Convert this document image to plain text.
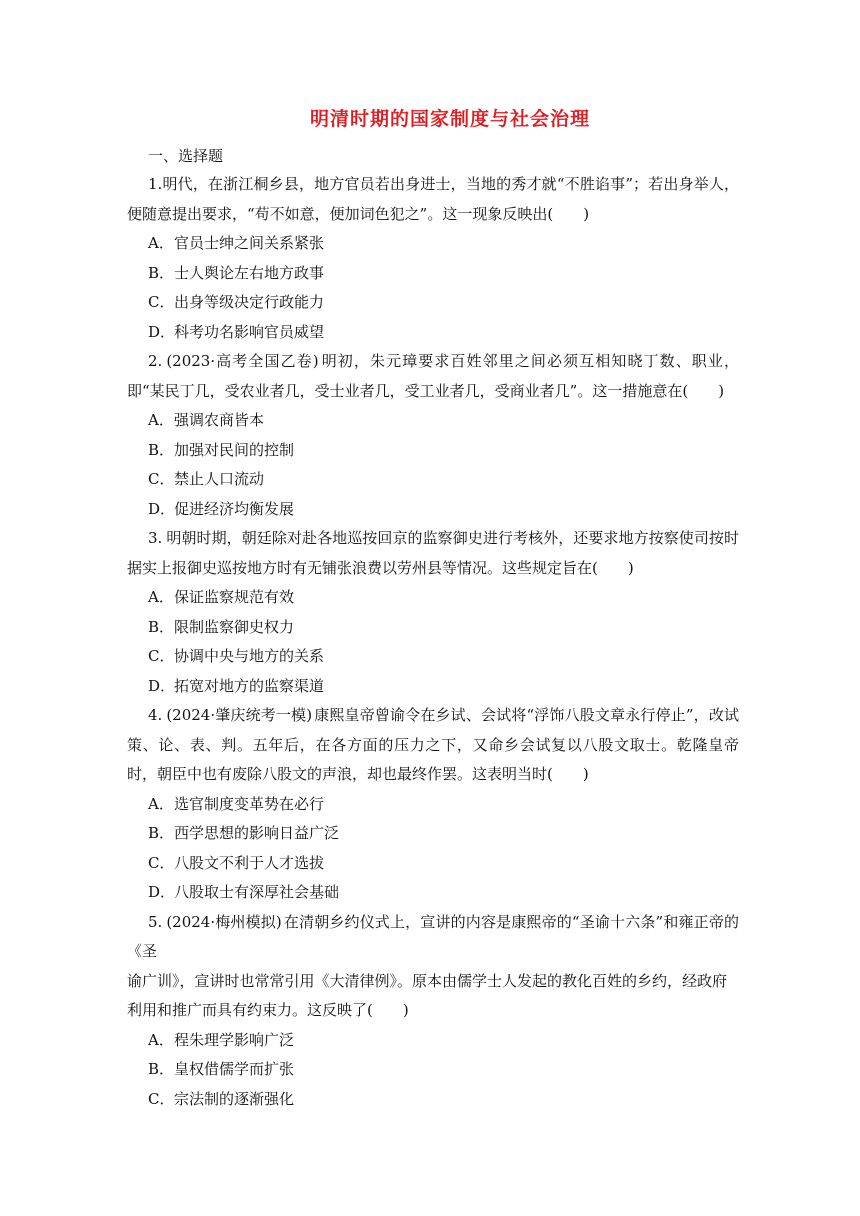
明清时期的国家制度与社会治理
一、选择题

1.明代，在浙江桐乡县，地方官员若出身进士，当地的秀才就“不胜谄事”；若出身举人，便随意提出要求，“苟不如意，便加词色犯之”。这一现象反映出(　　)

A．官员士绅之间关系紧张

B．士人舆论左右地方政事

C．出身等级决定行政能力

D．科考功名影响官员威望

2. (2023·高考全国乙卷) 明初，朱元璋要求百姓邻里之间必须互相知晓丁数、职业，即“某民丁几，受农业者几，受士业者几，受工业者几，受商业者几”。这一措施意在(　　)

A．强调农商皆本

B．加强对民间的控制

C．禁止人口流动

D．促进经济均衡发展

3. 明朝时期，朝廷除对赴各地巡按回京的监察御史进行考核外，还要求地方按察使司按时据实上报御史巡按地方时有无铺张浪费以劳州县等情况。这些规定旨在(　　)

A．保证监察规范有效

B．限制监察御史权力

C．协调中央与地方的关系

D．拓宽对地方的监察渠道

4. (2024·肇庆统考一模) 康熙皇帝曾谕令在乡试、会试将“浮饰八股文章永行停止”，改试策、论、表、判。五年后，在各方面的压力之下，又命乡会试复以八股文取士。乾隆皇帝时，朝臣中也有废除八股文的声浪，却也最终作罢。这表明当时(　　)

A．选官制度变革势在必行

B．西学思想的影响日益广泛

C．八股文不利于人才选拔

D．八股取士有深厚社会基础

5. (2024·梅州模拟) 在清朝乡约仪式上，宣讲的内容是康熙帝的“圣谕十六条”和雍正帝的《圣

谕广训》，宣讲时也常常引用《大清律例》。原本由儒学士人发起的教化百姓的乡约，经政府利用和推广而具有约束力。这反映了(　　)

A．程朱理学影响广泛

B．皇权借儒学而扩张

C．宗法制的逐渐强化
